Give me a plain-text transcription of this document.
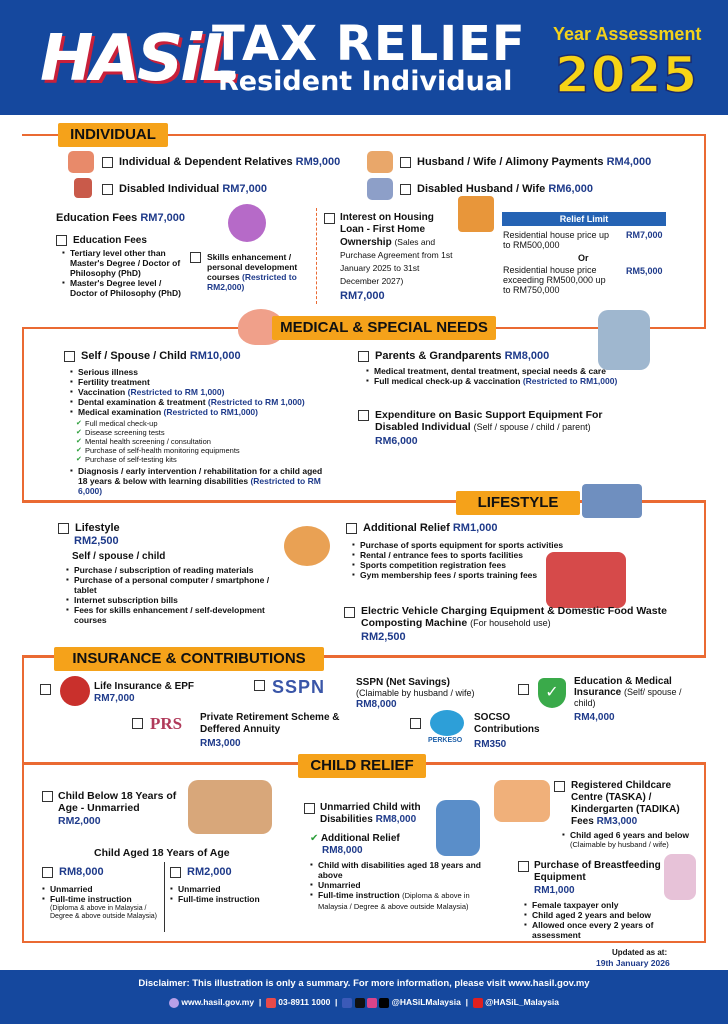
HASiL
TAX RELIEF
Resident Individual
Year Assessment
2025
INDIVIDUAL
Individual & Dependent Relatives RM9,000
Disabled Individual RM7,000
Husband / Wife / Alimony Payments RM4,000
Disabled Husband / Wife RM6,000
Education Fees RM7,000
Education Fees
▪ Tertiary level other than Master's Degree / Doctor of Philosophy (PhD)
▪ Master's Degree level / Doctor of Philosophy (PhD)
Skills enhancement / personal development courses (Restricted to RM2,000)
Interest on Housing Loan - First Home Ownership (Sales and Purchase Agreement from 1st January 2025 to 31st December 2027)
RM7,000
Relief Limit
Residential house price up to RM500,000
RM7,000
Or
Residential house price exceeding RM500,000 up to RM750,000
RM5,000
MEDICAL & SPECIAL NEEDS
Self / Spouse / Child RM10,000
▪ Serious illness
▪ Fertility treatment
▪ Vaccination (Restricted to RM 1,000)
▪ Dental examination & treatment (Restricted to RM 1,000)
▪ Medical examination (Restricted to RM1,000)
✔ Full medical check-up
✔ Disease screening tests
✔ Mental health screening / consultation
✔ Purchase of self-health monitoring equipments
✔ Purchase of self-testing kits
▪ Diagnosis / early intervention / rehabilitation for a child aged 18 years & below with learning disabilities (Restricted to RM 6,000)
Parents & Grandparents RM8,000
▪ Medical treatment, dental treatment, special needs & care
▪ Full medical check-up & vaccination (Restricted to RM1,000)
Expenditure on Basic Support Equipment For Disabled Individual (Self / spouse / child / parent)
RM6,000
LIFESTYLE
Lifestyle
RM2,500
Self / spouse / child
▪ Purchase / subscription of reading materials
▪ Purchase of a personal computer / smartphone / tablet
▪ Internet subscription bills
▪ Fees for skills enhancement / self-development courses
Additional Relief RM1,000
▪ Purchase of sports equipment for sports activities
▪ Rental / entrance fees to sports facilities
▪ Sports competition registration fees
▪ Gym membership fees / sports training fees
Electric Vehicle Charging Equipment & Domestic Food Waste Composting Machine (For household use)
RM2,500
INSURANCE & CONTRIBUTIONS
Life Insurance & EPF
RM7,000
SSPN	SSPN (Net Savings)
(Claimable by husband / wife)
RM8,000
✓
Education & Medical Insurance (Self/ spouse / child)
RM4,000
PRS	Private Retirement Scheme & Deffered Annuity
RM3,000	PERKESO
SOCSO Contributions
RM350
CHILD RELIEF
Child Below 18 Years of Age - Unmarried
RM2,000
Child Aged 18 Years of Age
RM8,000
▪ Unmarried
▪ Full-time instruction
(Diploma & above in Malaysia / Degree & above outside Malaysia)
RM2,000
▪ Unmarried
▪ Full-time instruction
Unmarried Child with Disabilities RM8,000
✔ Additional Relief
RM8,000
▪ Child with disabilities aged 18 years and above
▪ Unmarried
▪ Full-time instruction (Diploma & above in Malaysia / Degree & above outside Malaysia)
Registered Childcare Centre (TASKA) / Kindergarten (TADIKA) Fees RM3,000
▪ Child aged 6 years and below
(Claimable by husband / wife)
Purchase of Breastfeeding Equipment
RM1,000
▪ Female taxpayer only
▪ Child aged 2 years and below
▪ Allowed once every 2 years of assessment
Updated as at:
19th January 2026
Disclaimer: This illustration is only a summary. For more information, please visit www.hasil.gov.my
www.hasil.gov.my  |   03-8911 1000  |	@HASiLMalaysia  |   @HASiL_Malaysia
